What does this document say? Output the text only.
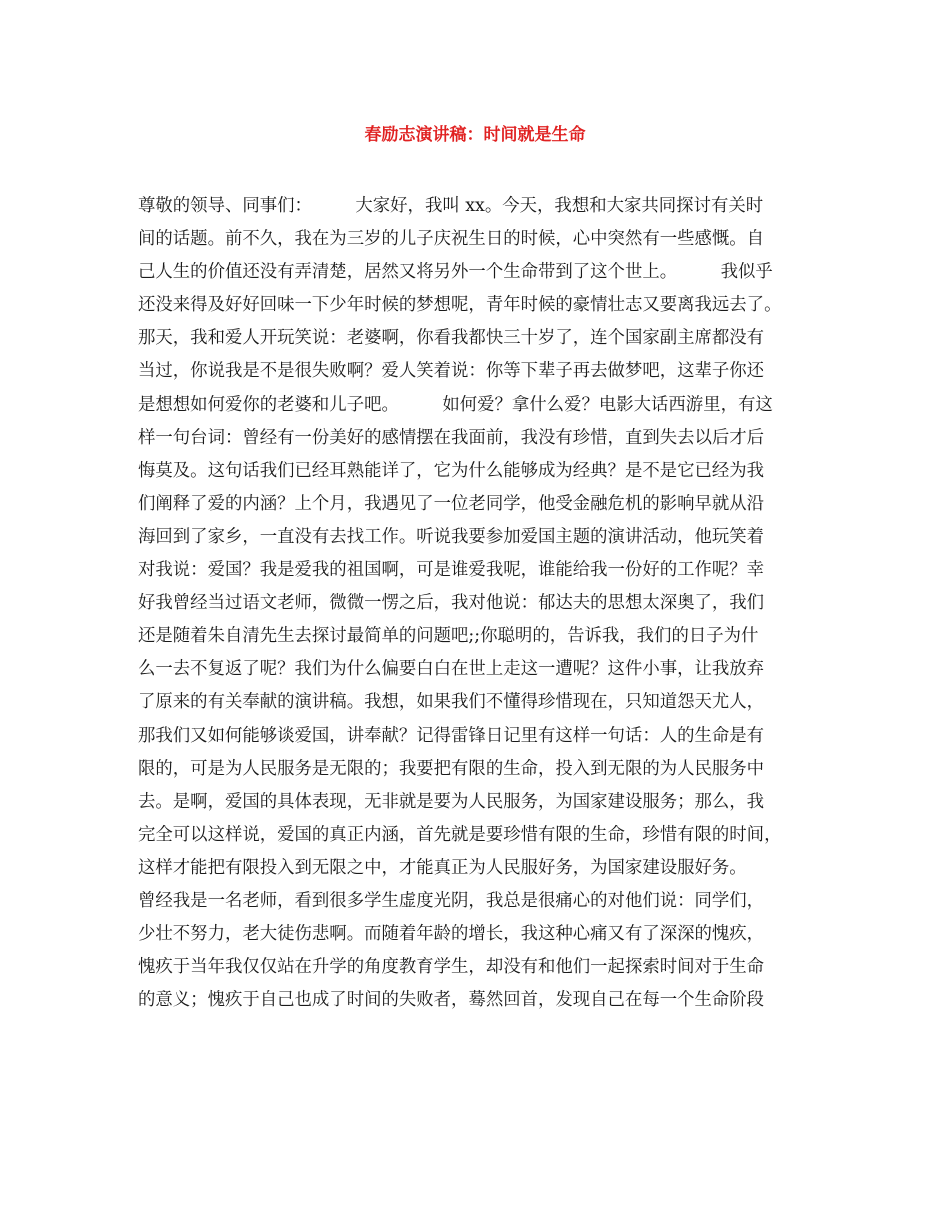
春励志演讲稿：时间就是生命
尊敬的领导、同事们：　　　大家好，我叫 xx。今天，我想和大家共同探讨有关时
间的话题。前不久，我在为三岁的儿子庆祝生日的时候，心中突然有一些感慨。自
己人生的价值还没有弄清楚，居然又将另外一个生命带到了这个世上。　　　我似乎
还没来得及好好回味一下少年时候的梦想呢，青年时候的豪情壮志又要离我远去了。
那天，我和爱人开玩笑说：老婆啊，你看我都快三十岁了，连个国家副主席都没有
当过，你说我是不是很失败啊？爱人笑着说：你等下辈子再去做梦吧，这辈子你还
是想想如何爱你的老婆和儿子吧。　　　如何爱？拿什么爱？电影大话西游里，有这
样一句台词：曾经有一份美好的感情摆在我面前，我没有珍惜，直到失去以后才后
悔莫及。这句话我们已经耳熟能详了，它为什么能够成为经典？是不是它已经为我
们阐释了爱的内涵？上个月，我遇见了一位老同学，他受金融危机的影响早就从沿
海回到了家乡，一直没有去找工作。听说我要参加爱国主题的演讲活动，他玩笑着
对我说：爱国？我是爱我的祖国啊，可是谁爱我呢，谁能给我一份好的工作呢？幸
好我曾经当过语文老师，微微一愣之后，我对他说：郁达夫的思想太深奥了，我们
还是随着朱自清先生去探讨最简单的问题吧;;你聪明的，告诉我，我们的日子为什
么一去不复返了呢？我们为什么偏要白白在世上走这一遭呢？这件小事，让我放弃
了原来的有关奉献的演讲稿。我想，如果我们不懂得珍惜现在，只知道怨天尤人，
那我们又如何能够谈爱国，讲奉献？记得雷锋日记里有这样一句话：人的生命是有
限的，可是为人民服务是无限的；我要把有限的生命，投入到无限的为人民服务中
去。是啊，爱国的具体表现，无非就是要为人民服务，为国家建设服务；那么，我
完全可以这样说，爱国的真正内涵，首先就是要珍惜有限的生命，珍惜有限的时间，
这样才能把有限投入到无限之中，才能真正为人民服好务，为国家建设服好务。
曾经我是一名老师，看到很多学生虚度光阴，我总是很痛心的对他们说：同学们，
少壮不努力，老大徒伤悲啊。而随着年龄的增长，我这种心痛又有了深深的愧疚，
愧疚于当年我仅仅站在升学的角度教育学生，却没有和他们一起探索时间对于生命
的意义；愧疚于自己也成了时间的失败者，蓦然回首，发现自己在每一个生命阶段
